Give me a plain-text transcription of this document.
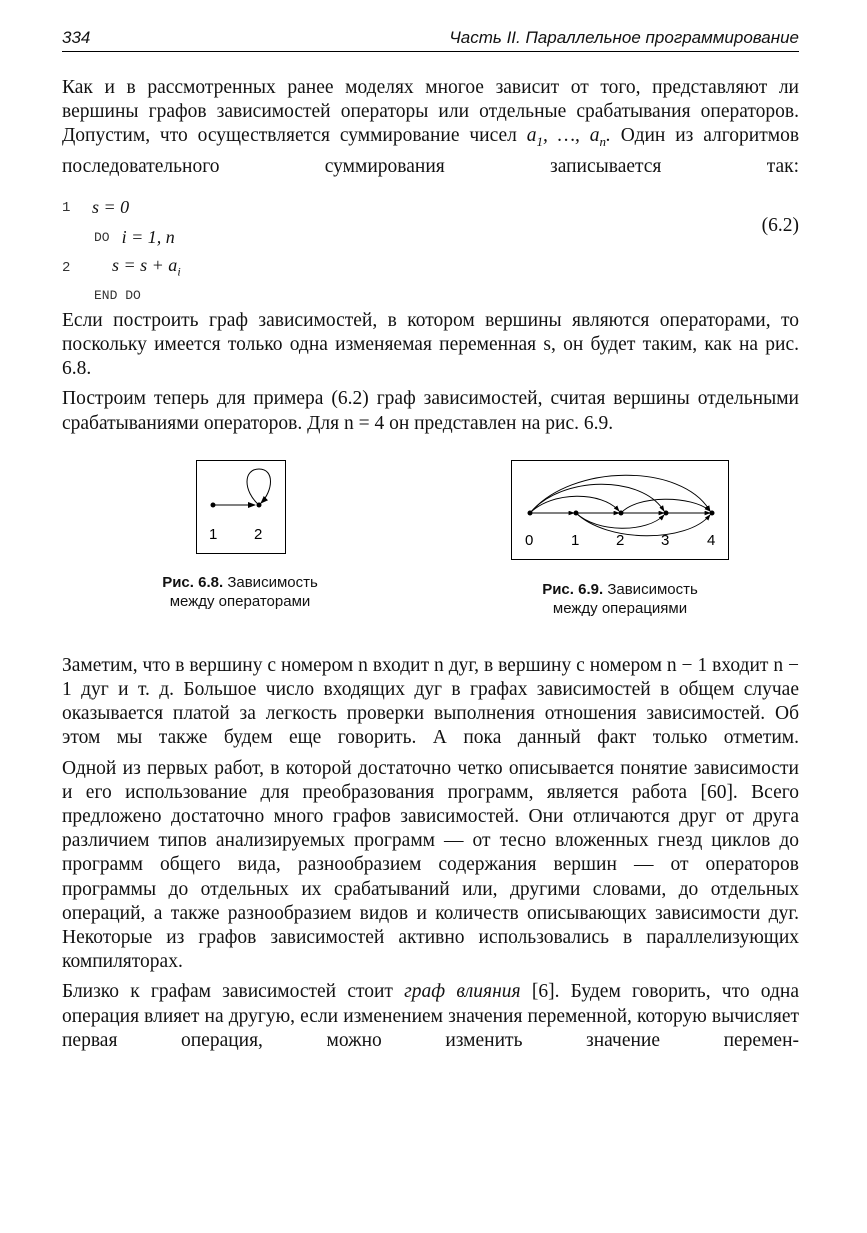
334	Часть II. Параллельное программирование

Как и в рассмотренных ранее моделях многое зависит от того, представляют ли вершины графов зависимостей операторы или отдельные срабатывания операторов. Допустим, что осуществляется суммирование чисел $a_1$, …, $a_n$. Один из алгоритмов последовательного суммирования записывается так:

1 s = 0
DO i = 1, n
2 $s = s + a_i$
END DO
(6.2)

Если построить граф зависимостей, в котором вершины являются операторами, то поскольку имеется только одна изменяемая переменная s, он будет таким, как на рис. 6.8.

Построим теперь для примера (6.2) граф зависимостей, считая вершины отдельными срабатываниями операторов. Для n = 4 он представлен на рис. 6.9.

1 2
Рис. 6.8. Зависимость
между операторами
0	1 2 3	4
Рис. 6.9. Зависимость
между операциями

Заметим, что в вершину с номером n входит n дуг, в вершину с номером n − 1 входит n − 1 дуг и т. д. Большое число входящих дуг в графах зависимостей в общем случае оказывается платой за легкость проверки выполнения отношения зависимостей. Об этом мы также будем еще говорить. А пока данный факт только отметим.

Одной из первых работ, в которой достаточно четко описывается понятие зависимости и его использование для преобразования программ, является работа [60]. Всего предложено достаточно много графов зависимостей. Они отличаются друг от друга различием типов анализируемых программ — от тесно вложенных гнезд циклов до программ общего вида, разнообразием содержания вершин — от операторов программы до отдельных их срабатываний или, другими словами, до отдельных операций, а также разнообразием видов и количеств описывающих зависимости дуг. Некоторые из графов зависимостей активно использовались в параллелизующих компиляторах.

Близко к графам зависимостей стоит граф влияния [6]. Будем говорить, что одна операция влияет на другую, если изменением значения переменной, которую вычисляет первая операция, можно изменить значение перемен-
